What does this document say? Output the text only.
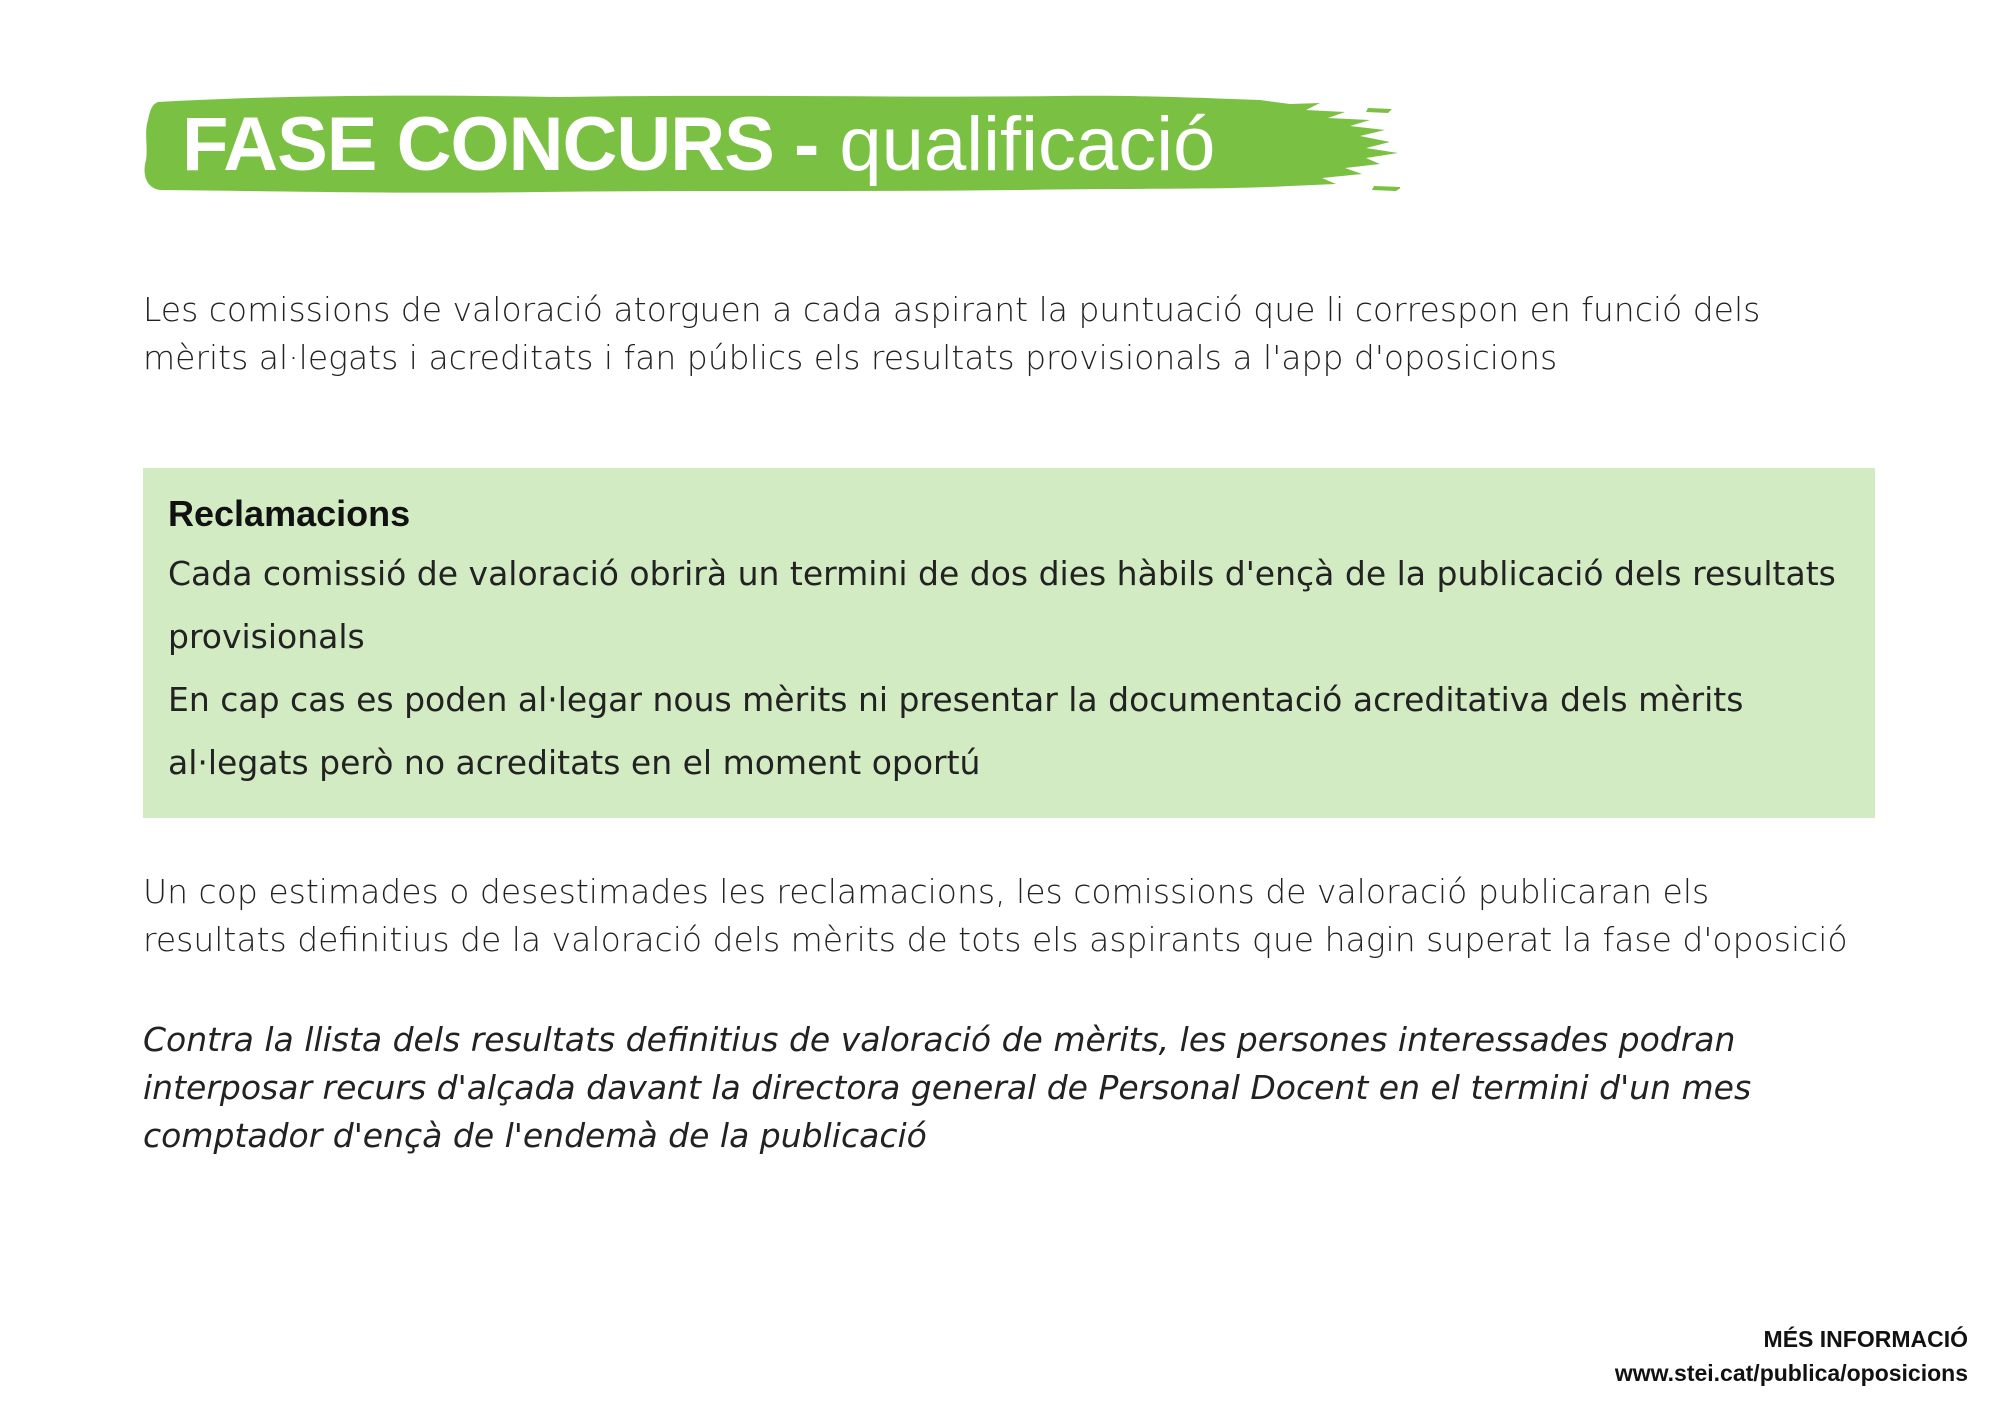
FASE CONCURS - qualificació

Les comissions de valoració atorguen a cada aspirant la puntuació que li correspon en funció dels mèrits al·legats i acreditats i fan públics els resultats provisionals a l'app d'oposicions

Reclamacions
Cada comissió de valoració obrirà un termini de dos dies hàbils d'ençà de la publicació dels resultats provisionals
En cap cas es poden al·legar nous mèrits ni presentar la documentació acreditativa dels mèrits al·legats però no acreditats en el moment oportú

Un cop estimades o desestimades les reclamacions, les comissions de valoració publicaran els resultats definitius de la valoració dels mèrits de tots els aspirants que hagin superat la fase d'oposició

Contra la llista dels resultats definitius de valoració de mèrits, les persones interessades podran interposar recurs d'alçada davant la directora general de Personal Docent en el termini d'un mes comptador d'ençà de l'endemà de la publicació

MÉS INFORMACIÓ
www.stei.cat/publica/oposicions
